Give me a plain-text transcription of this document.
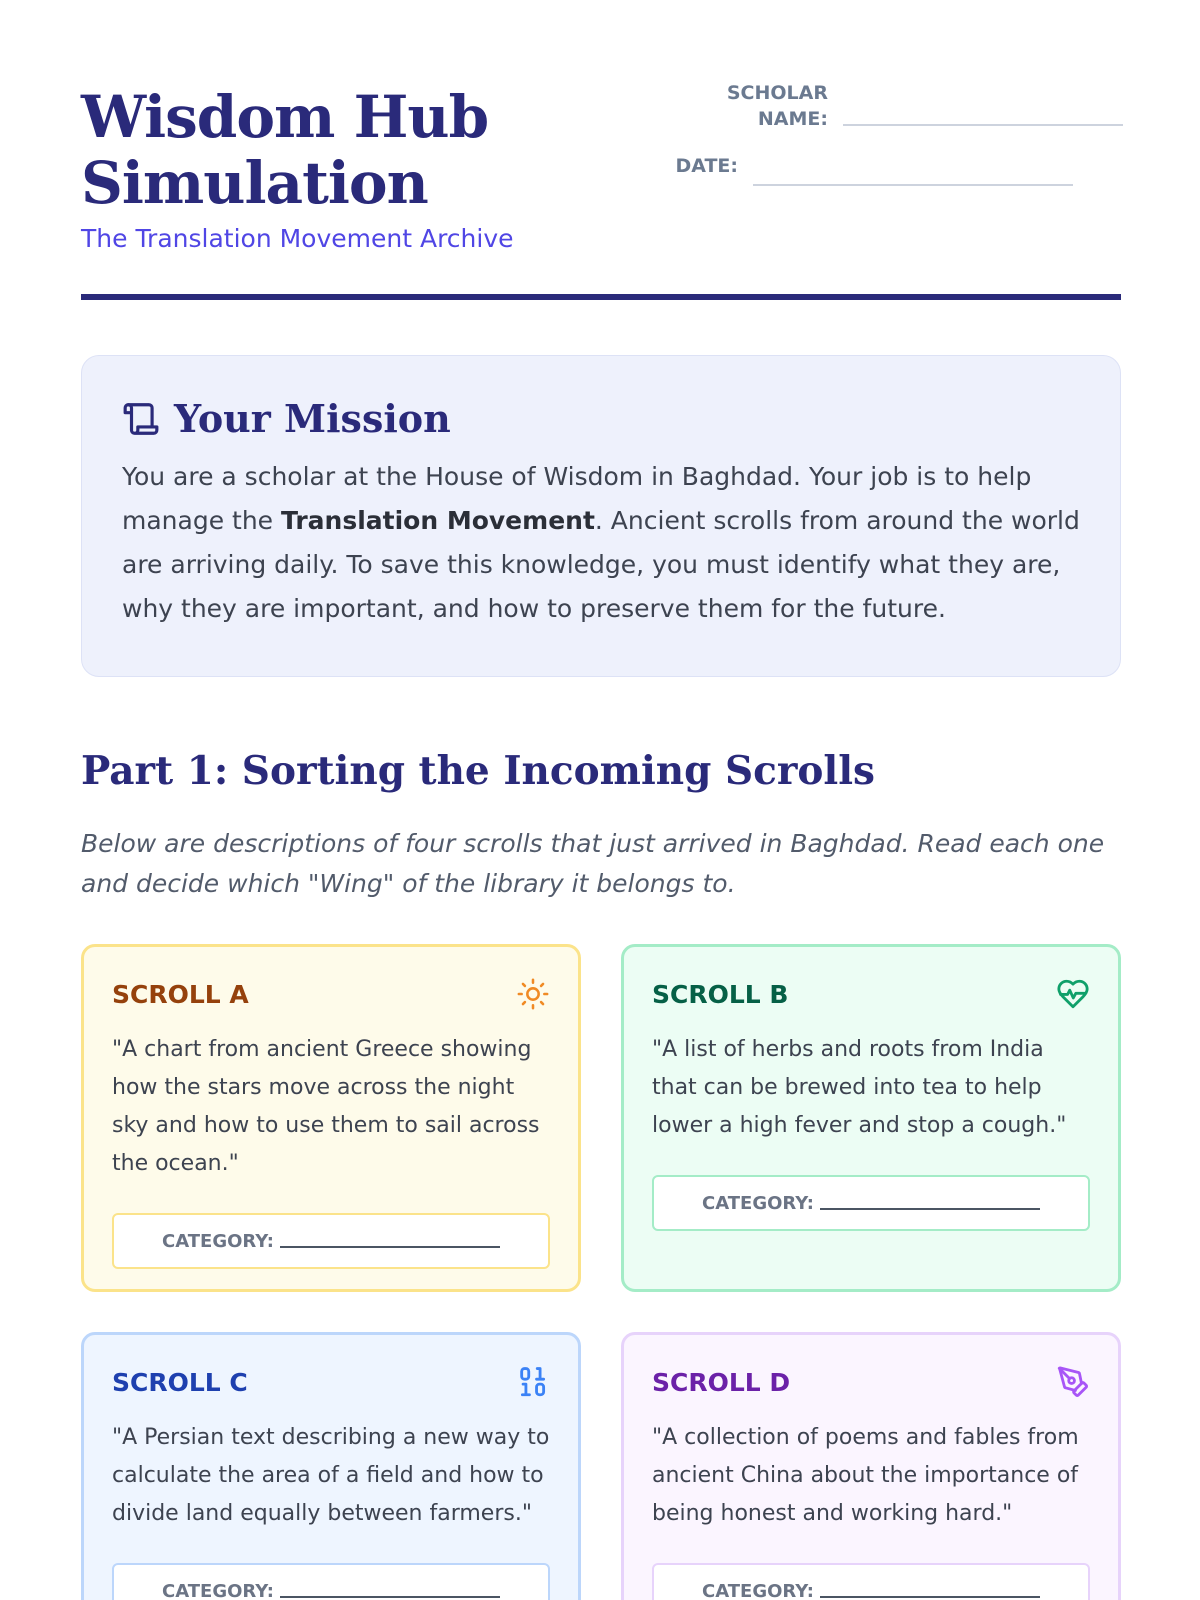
Wisdom Hub
Simulation
The Translation Movement Archive
SCHOLAR
NAME:
DATE:
Your Mission
You are a scholar at the House of Wisdom in Baghdad. Your job is to help manage the Translation Movement. Ancient scrolls from around the world are arriving daily. To save this knowledge, you must identify what they are, why they are important, and how to preserve them for the future.
Part 1: Sorting the Incoming Scrolls
Below are descriptions of four scrolls that just arrived in Baghdad. Read each one and decide which "Wing" of the library it belongs to.
SCROLL A
"A chart from ancient Greece showing how the stars move across the night sky and how to use them to sail across the ocean."
CATEGORY:
SCROLL B
"A list of herbs and roots from India that can be brewed into tea to help lower a high fever and stop a cough."
CATEGORY:
SCROLL C
"A Persian text describing a new way to calculate the area of a field and how to divide land equally between farmers."
CATEGORY:
SCROLL D
"A collection of poems and fables from ancient China about the importance of being honest and working hard."
CATEGORY:
